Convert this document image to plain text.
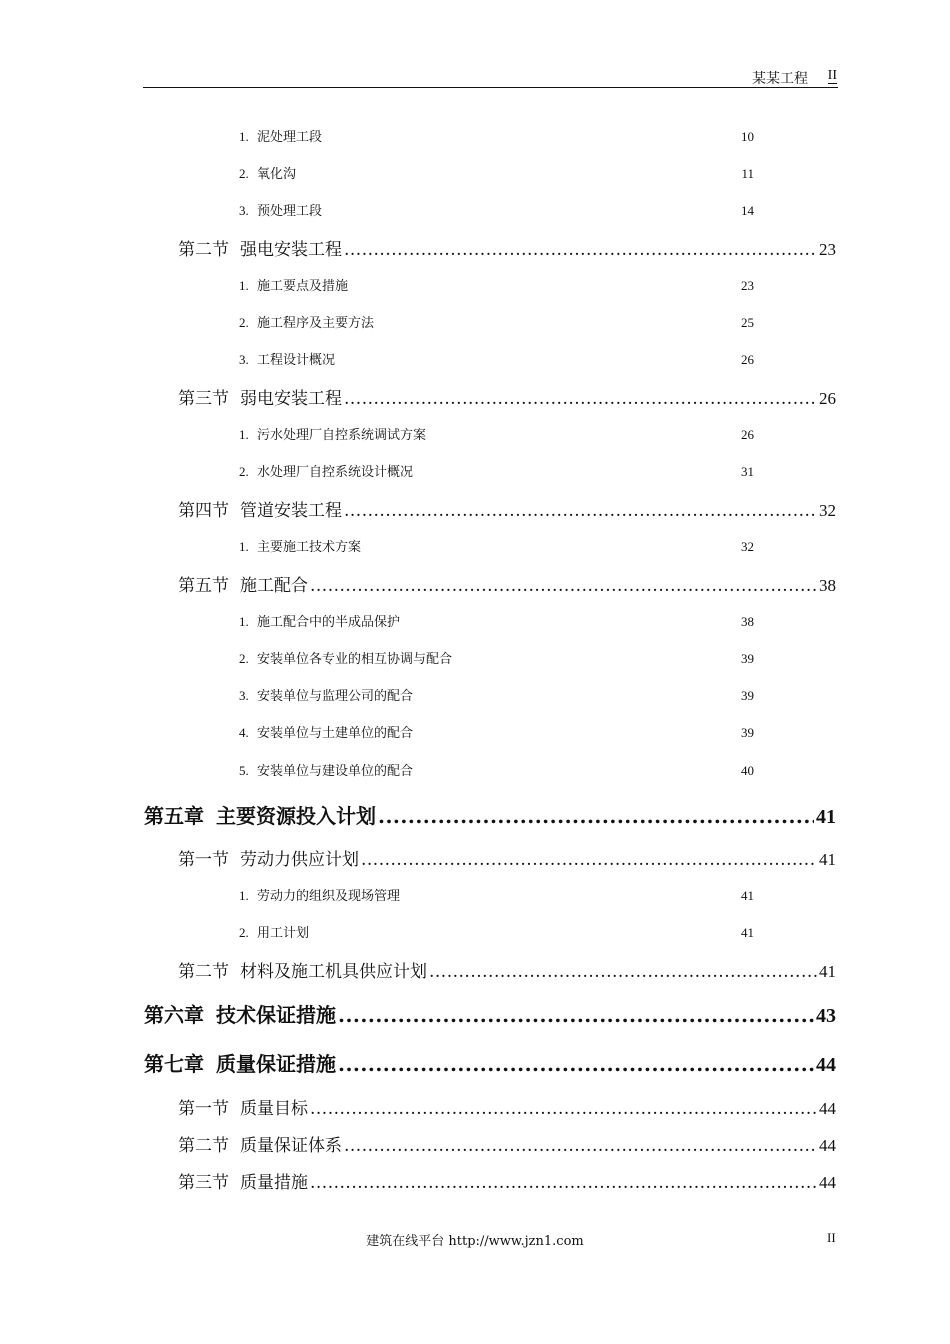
某某工程 II
1. 泥处理工段	10
2. 氧化沟	11
3. 预处理工段	14
第二节 强电安装工程 .....	23
1. 施工要点及措施	23
2. 施工程序及主要方法	25
3. 工程设计概况	26
第三节 弱电安装工程 .....	26
1. 污水处理厂自控系统调试方案	26
2. 水处理厂自控系统设计概况	31
第四节 管道安装工程 .....	32
1. 主要施工技术方案	32
第五节 施工配合 .....	38
1. 施工配合中的半成品保护	38
2. 安装单位各专业的相互协调与配合	39
3. 安装单位与监理公司的配合	39
4. 安装单位与土建单位的配合	39
5. 安装单位与建设单位的配合	40
第五章 主要资源投入计划 .....	41
第一节 劳动力供应计划 .....	41
1. 劳动力的组织及现场管理	41
2. 用工计划	41
第二节 材料及施工机具供应计划 .....	41
第六章 技术保证措施 .....	43
第七章 质量保证措施 .....	44
第一节 质量目标 .....	44
第二节 质量保证体系 .....	44
第三节 质量措施 .....	44
建筑在线平台 http://www.jzn1.com	II
